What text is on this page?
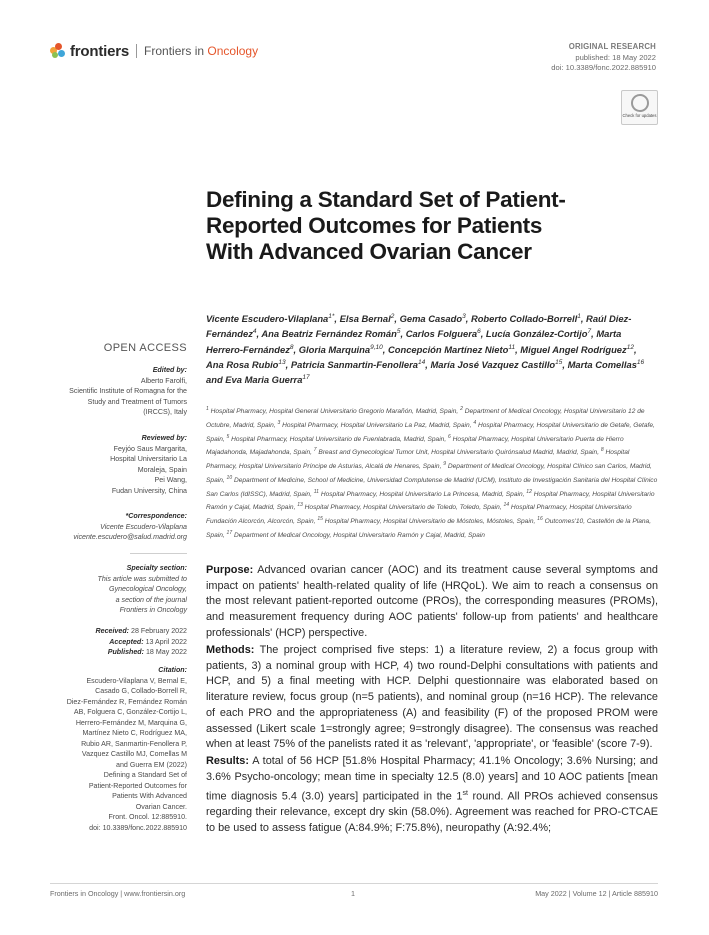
frontiers Frontiers in Oncology	ORIGINAL RESEARCH
published: 18 May 2022
doi: 10.3389/fonc.2022.885910
Check for updates
Defining a Standard Set of Patient-Reported Outcomes for Patients With Advanced Ovarian Cancer
Vicente Escudero-Vilaplana$^{1*}$, Elsa Bernal$^2$, Gema Casado$^3$, Roberto Collado-Borrell$^1$, Raúl Diez-Fernández$^4$, Ana Beatriz Fernández Román$^5$, Carlos Folguera$^6$, Lucía González-Cortijo$^7$, Marta Herrero-Fernández$^8$, Gloria Marquina$^{9,10}$, Concepción Martínez Nieto$^{11}$, Miguel Angel Rodríguez$^{12}$, Ana Rosa Rubio$^{13}$, Patricia Sanmartin-Fenollera$^{14}$, María José Vazquez Castillo$^{15}$, Marta Comellas$^{16}$ and Eva Maria Guerra$^{17}$
$^1$ Hospital Pharmacy, Hospital General Universitario Gregorio Marañón, Madrid, Spain, $^2$ Department of Medical Oncology, Hospital Universitario 12 de Octubre, Madrid, Spain, $^3$ Hospital Pharmacy, Hospital Universitario La Paz, Madrid, Spain, $^4$ Hospital Pharmacy, Hospital Universitario de Getafe, Getafe, Spain, $^5$ Hospital Pharmacy, Hospital Universitario de Fuenlabrada, Madrid, Spain, $^6$ Hospital Pharmacy, Hospital Universitario Puerta de Hierro Majadahonda, Majadahonda, Spain, $^7$ Breast and Gynecological Tumor Unit, Hospital Universitario Quirónsalud Madrid, Madrid, Spain, $^8$ Hospital Pharmacy, Hospital Universitario Príncipe de Asturias, Alcalá de Henares, Spain, $^9$ Department of Medical Oncology, Hospital Clínico san Carlos, Madrid, Spain, $^{10}$ Department of Medicine, School of Medicine, Universidad Complutense de Madrid (UCM), Instituto de Investigación Sanitaria del Hospital Clínico San Carlos (IdISSC), Madrid, Spain, $^{11}$ Hospital Pharmacy, Hospital Universitario La Princesa, Madrid, Spain, $^{12}$ Hospital Pharmacy, Hospital Universitario Ramón y Cajal, Madrid, Spain, $^{13}$ Hospital Pharmacy, Hospital Universitario de Toledo, Toledo, Spain, $^{14}$ Hospital Pharmacy, Hospital Universitario Fundación Alcorcón, Alcorcón, Spain, $^{15}$ Hospital Pharmacy, Hospital Universitario de Móstoles, Móstoles, Spain, $^{16}$ Outcomes'10, Castellón de la Plana, Spain, $^{17}$ Department of Medical Oncology, Hospital Universitario Ramón y Cajal, Madrid, Spain
OPEN ACCESS
Edited by:
Alberto Farolfi,
Scientific Institute of Romagna for the
Study and Treatment of Tumors
(IRCCS), Italy
Reviewed by:
Feyjóo Saus Margarita,
Hospital Universitario La
Moraleja, Spain
Pei Wang,
Fudan University, China
*Correspondence:
Vicente Escudero-Vilaplana
vicente.escudero@salud.madrid.org
Specialty section:
This article was submitted to
Gynecological Oncology,
a section of the journal
Frontiers in Oncology
Received: 28 February 2022
Accepted: 13 April 2022
Published: 18 May 2022
Citation:
Escudero-Vilaplana V, Bernal E,
Casado G, Collado-Borrell R,
Diez-Fernández R, Fernández Román
AB, Folguera C, González-Cortijo L,
Herrero-Fernández M, Marquina G,
Martínez Nieto C, Rodríguez MA,
Rubio AR, Sanmartin-Fenollera P,
Vazquez Castillo MJ, Comellas M
and Guerra EM (2022)
Defining a Standard Set of
Patient-Reported Outcomes for
Patients With Advanced
Ovarian Cancer.
Front. Oncol. 12:885910.
doi: 10.3389/fonc.2022.885910

Purpose: Advanced ovarian cancer (AOC) and its treatment cause several symptoms and impact on patients' health-related quality of life (HRQoL). We aim to reach a consensus on the most relevant patient-reported outcome (PROs), the corresponding measures (PROMs), and measurement frequency during AOC patients' follow-up from patients' and healthcare professionals' (HCP) perspective.

Methods: The project comprised five steps: 1) a literature review, 2) a focus group with patients, 3) a nominal group with HCP, 4) two round-Delphi consultations with patients and HCP, and 5) a final meeting with HCP. Delphi questionnaire was elaborated based on literature review, focus group (n=5 patients), and nominal group (n=16 HCP). The relevance of each PRO and the appropriateness (A) and feasibility (F) of the proposed PROM were assessed (Likert scale 1=strongly agree; 9=strongly disagree). The consensus was reached when at least 75% of the panelists rated it as 'relevant', 'appropriate', or 'feasible' (score 7-9).

Results: A total of 56 HCP [51.8% Hospital Pharmacy; 41.1% Oncology; 3.6% Nursing; and 3.6% Psycho-oncology; mean time in specialty 12.5 (8.0) years] and 10 AOC patients [mean time diagnosis 5.4 (3.0) years] participated in the 1st round. All PROs achieved consensus regarding their relevance, except dry skin (58.0%). Agreement was reached for PRO-CTCAE to be used to assess fatigue (A:84.9%; F:75.8%), neuropathy (A:92.4%;

Frontiers in Oncology | www.frontiersin.org	1	May 2022 | Volume 12 | Article 885910
